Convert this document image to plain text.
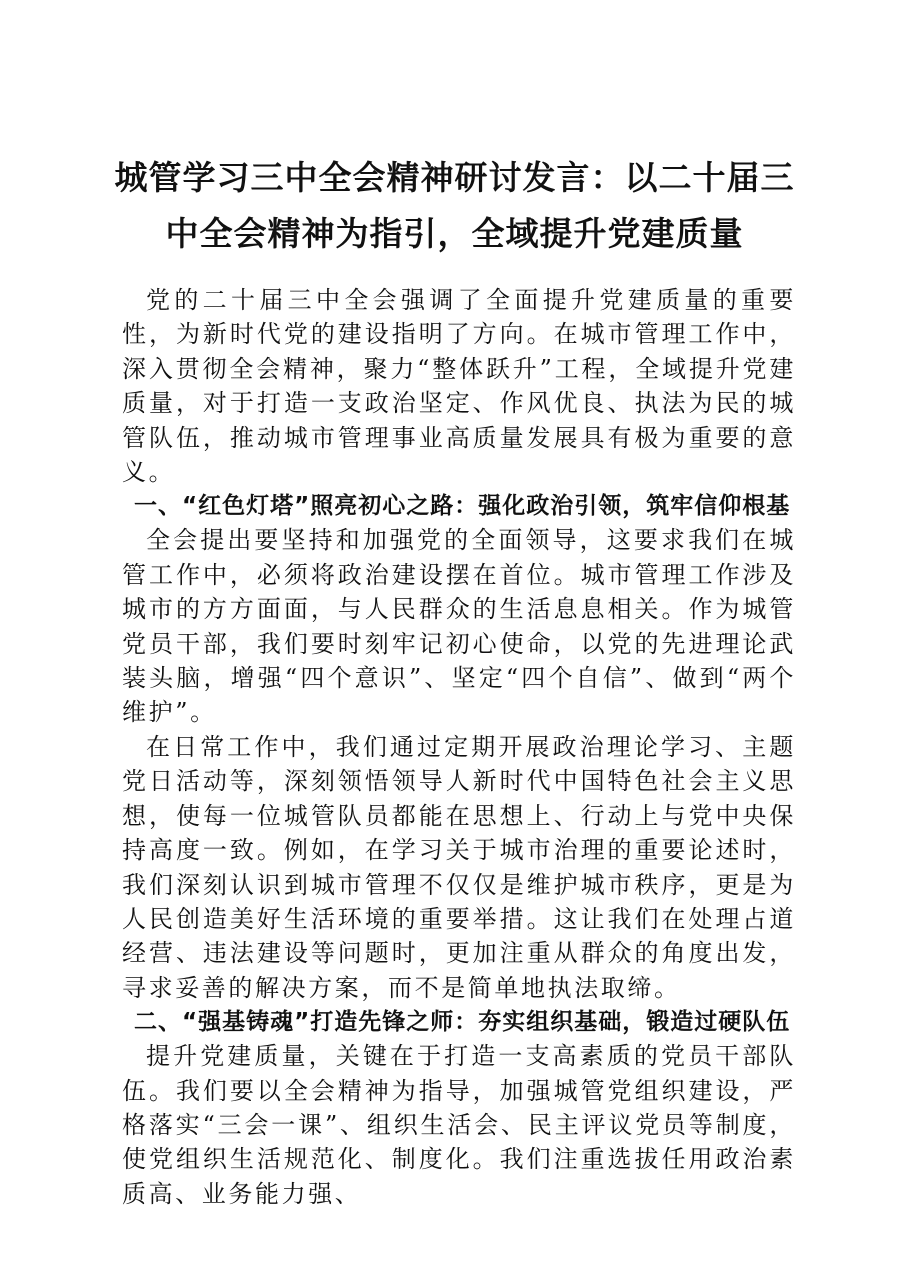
城管学习三中全会精神研讨发言：以二十届三中全会精神为指引，全域提升党建质量

党的二十届三中全会强调了全面提升党建质量的重要性，为新时代党的建设指明了方向。在城市管理工作中，深入贯彻全会精神，聚力“整体跃升”工程，全域提升党建质量，对于打造一支政治坚定、作风优良、执法为民的城管队伍，推动城市管理事业高质量发展具有极为重要的意义。

一、“红色灯塔”照亮初心之路：强化政治引领，筑牢信仰根基

全会提出要坚持和加强党的全面领导，这要求我们在城管工作中，必须将政治建设摆在首位。城市管理工作涉及城市的方方面面，与人民群众的生活息息相关。作为城管党员干部，我们要时刻牢记初心使命，以党的先进理论武装头脑，增强“四个意识”、坚定“四个自信”、做到“两个维护”。

在日常工作中，我们通过定期开展政治理论学习、主题党日活动等，深刻领悟领导人新时代中国特色社会主义思想，使每一位城管队员都能在思想上、行动上与党中央保持高度一致。例如，在学习关于城市治理的重要论述时，我们深刻认识到城市管理不仅仅是维护城市秩序，更是为人民创造美好生活环境的重要举措。这让我们在处理占道经营、违法建设等问题时，更加注重从群众的角度出发，寻求妥善的解决方案，而不是简单地执法取缔。

二、“强基铸魂”打造先锋之师：夯实组织基础，锻造过硬队伍

提升党建质量，关键在于打造一支高素质的党员干部队伍。我们要以全会精神为指导，加强城管党组织建设，严格落实“三会一课”、组织生活会、民主评议党员等制度，使党组织生活规范化、制度化。我们注重选拔任用政治素质高、业务能力强、
